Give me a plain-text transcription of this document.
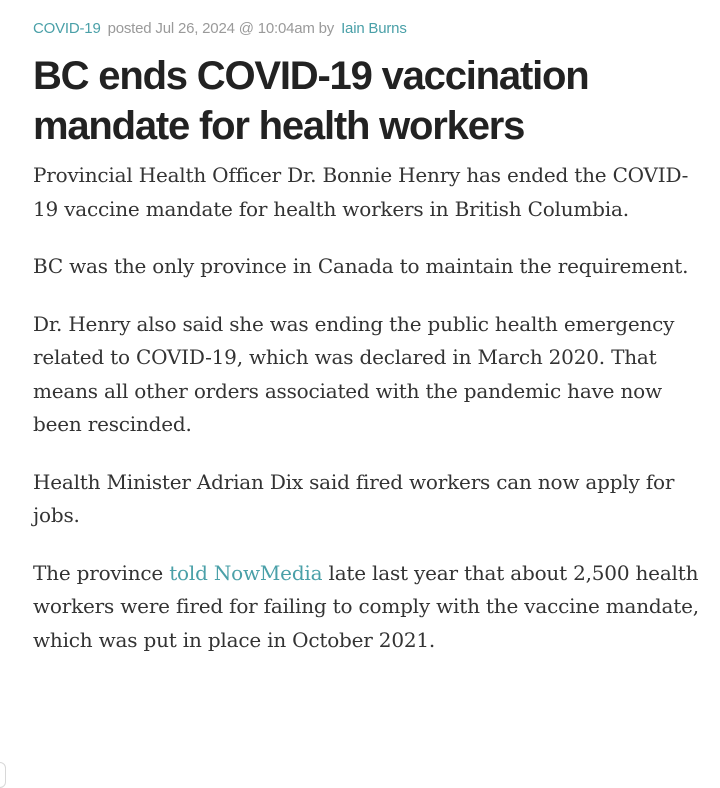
COVID-19 posted Jul 26, 2024 @ 10:04am by Iain Burns
BC ends COVID-19 vaccination mandate for health workers

Provincial Health Officer Dr. Bonnie Henry has ended the COVID-19 vaccine mandate for health workers in British Columbia.

BC was the only province in Canada to maintain the requirement.

Dr. Henry also said she was ending the public health emergency related to COVID-19, which was declared in March 2020. That means all other orders associated with the pandemic have now been rescinded.

Health Minister Adrian Dix said fired workers can now apply for jobs.

The province told NowMedia late last year that about 2,500 health workers were fired for failing to comply with the vaccine mandate, which was put in place in October 2021.
